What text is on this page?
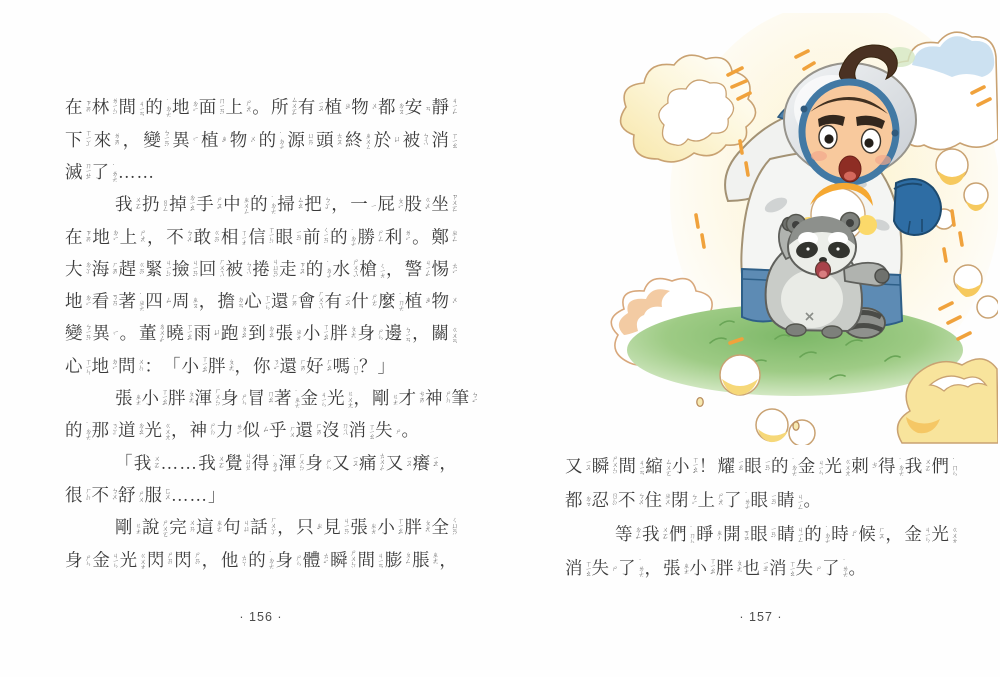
在 ㄗㄞˋ 林 ㄌㄧㄣˊ 間 ㄐㄧㄢ 的 ˙ㄉㄜ 地 ㄉㄧˋ 面 ㄇㄧㄢˋ 上 ㄕㄤˋ 。 所 ㄙㄨㄛˇ 有 ㄧㄡˇ 植 ㄓˊ 物 ㄨˋ 都 ㄉㄡ 安 ㄢ 靜 ㄐㄧㄥˋ
下 ㄒㄧㄚˋ 來 ㄌㄞˊ ， 變 ㄅㄧㄢˋ 異 ㄧˋ 植 ㄓˊ 物 ㄨˋ 的 ˙ㄉㄜ 源 ㄩㄢˊ 頭 ㄊㄡˊ 終 ㄓㄨㄥ 於 ㄩˊ 被 ㄅㄟˋ 消 ㄒㄧㄠ
滅 ㄇㄧㄝˋ 了 ˙ㄌㄜ … …
我 ㄨㄛˇ 扔 ㄖㄥ 掉 ㄉㄧㄠˋ 手 ㄕㄡˇ 中 ㄓㄨㄥ 的 ˙ㄉㄜ 掃 ㄙㄠˋ 把 ㄅㄚˇ ， 一 ㄧ 屁 ㄆㄧˋ 股 ㄍㄨˇ 坐 ㄗㄨㄛˋ
在 ㄗㄞˋ 地 ㄉㄧˋ 上 ㄕㄤˋ ， 不 ㄅㄨˋ 敢 ㄍㄢˇ 相 ㄒㄧㄤ 信 ㄒㄧㄣˋ 眼 ㄧㄢˇ 前 ㄑㄧㄢˊ 的 ˙ㄉㄜ 勝 ㄕㄥˋ 利 ㄌㄧˋ 。 鄭 ㄓㄥˋ
大 ㄉㄚˋ 海 ㄏㄞˇ 趕 ㄍㄢˇ 緊 ㄐㄧㄣˇ 撿 ㄐㄧㄢˇ 回 ㄏㄨㄟˊ 被 ㄅㄟˋ 捲 ㄐㄩㄢˇ 走 ㄗㄡˇ 的 ˙ㄉㄜ 水 ㄕㄨㄟˇ 槍 ㄑㄧㄤ ， 警 ㄐㄧㄥˇ 惕 ㄊㄧˋ
地 ㄉㄧˋ 看 ㄎㄢˋ 著 ˙ㄓㄜ 四 ㄙˋ 周 ㄓㄡ ， 擔 ㄉㄢ 心 ㄒㄧㄣ 還 ㄏㄞˊ 會 ㄏㄨㄟˋ 有 ㄧㄡˇ 什 ㄕㄜˊ 麼 ˙ㄇㄜ 植 ㄓˊ 物 ㄨˋ
變 ㄅㄧㄢˋ 異 ㄧˋ 。 董 ㄉㄨㄥˇ 曉 ㄒㄧㄠˇ 雨 ㄩˇ 跑 ㄆㄠˇ 到 ㄉㄠˋ 張 ㄓㄤ 小 ㄒㄧㄠˇ 胖 ㄆㄤˋ 身 ㄕㄣ 邊 ㄅㄧㄢ ， 關 ㄍㄨㄢ
心 ㄒㄧㄣ 地 ㄉㄧˋ 問 ㄨㄣˋ ： 「 小 ㄒㄧㄠˇ 胖 ㄆㄤˋ ， 你 ㄋㄧˇ 還 ㄏㄞˊ 好 ㄏㄠˇ 嗎 ˙ㄇㄚ ？ 」
張 ㄓㄤ 小 ㄒㄧㄠˇ 胖 ㄆㄤˋ 渾 ㄏㄨㄣˊ 身 ㄕㄣ 冒 ㄇㄠˋ 著 ˙ㄓㄜ 金 ㄐㄧㄣ 光 ㄍㄨㄤ ， 剛 ㄍㄤ 才 ㄘㄞˊ 神 ㄕㄣˊ 筆 ㄅㄧˇ
的 ˙ㄉㄜ 那 ㄋㄚˋ 道 ㄉㄠˋ 光 ㄍㄨㄤ ， 神 ㄕㄣˊ 力 ㄌㄧˋ 似 ㄙˋ 乎 ㄏㄨ 還 ㄏㄞˊ 沒 ㄇㄟˊ 消 ㄒㄧㄠ 失 ㄕ 。
「 我 ㄨㄛˇ … … 我 ㄨㄛˇ 覺 ㄐㄩㄝˊ 得 ˙ㄉㄜ 渾 ㄏㄨㄣˊ 身 ㄕㄣ 又 ㄧㄡˋ 痛 ㄊㄨㄥˋ 又 ㄧㄡˋ 癢 ㄧㄤˇ ，
很 ㄏㄣˇ 不 ㄅㄨˋ 舒 ㄕㄨ 服 ㄈㄨˊ … … 」
剛 ㄍㄤ 說 ㄕㄨㄛ 完 ㄨㄢˊ 這 ㄓㄜˋ 句 ㄐㄩˋ 話 ㄏㄨㄚˋ ， 只 ㄓˇ 見 ㄐㄧㄢˋ 張 ㄓㄤ 小 ㄒㄧㄠˇ 胖 ㄆㄤˋ 全 ㄑㄩㄢˊ
身 ㄕㄣ 金 ㄐㄧㄣ 光 ㄍㄨㄤ 閃 ㄕㄢˇ 閃 ㄕㄢˇ ， 他 ㄊㄚ 的 ˙ㄉㄜ 身 ㄕㄣ 體 ㄊㄧˇ 瞬 ㄕㄨㄣˋ 間 ㄐㄧㄢ 膨 ㄆㄥˊ 脹 ㄓㄤˋ ，
· 156 ·
又 ㄧㄡˋ 瞬 ㄕㄨㄣˋ 間 ㄐㄧㄢ 縮 ㄙㄨㄛ 小 ㄒㄧㄠˇ ！ 耀 ㄧㄠˋ 眼 ㄧㄢˇ 的 ˙ㄉㄜ 金 ㄐㄧㄣ 光 ㄍㄨㄤ 刺 ㄘˋ 得 ˙ㄉㄜ 我 ㄨㄛˇ 們 ˙ㄇㄣ
都 ㄉㄡ 忍 ㄖㄣˇ 不 ㄅㄨˋ 住 ㄓㄨˋ 閉 ㄅㄧˋ 上 ㄕㄤˋ 了 ˙ㄌㄜ 眼 ㄧㄢˇ 睛 ㄐㄧㄥ 。
等 ㄉㄥˇ 我 ㄨㄛˇ 們 ˙ㄇㄣ 睜 ㄓㄥ 開 ㄎㄞ 眼 ㄧㄢˇ 睛 ㄐㄧㄥ 的 ˙ㄉㄜ 時 ㄕˊ 候 ㄏㄡˋ ， 金 ㄐㄧㄣ 光 ㄍㄨㄤ
消 ㄒㄧㄠ 失 ㄕ 了 ˙ㄌㄜ ， 張 ㄓㄤ 小 ㄒㄧㄠˇ 胖 ㄆㄤˋ 也 ㄧㄝˇ 消 ㄒㄧㄠ 失 ㄕ 了 ˙ㄌㄜ 。
· 157 ·
